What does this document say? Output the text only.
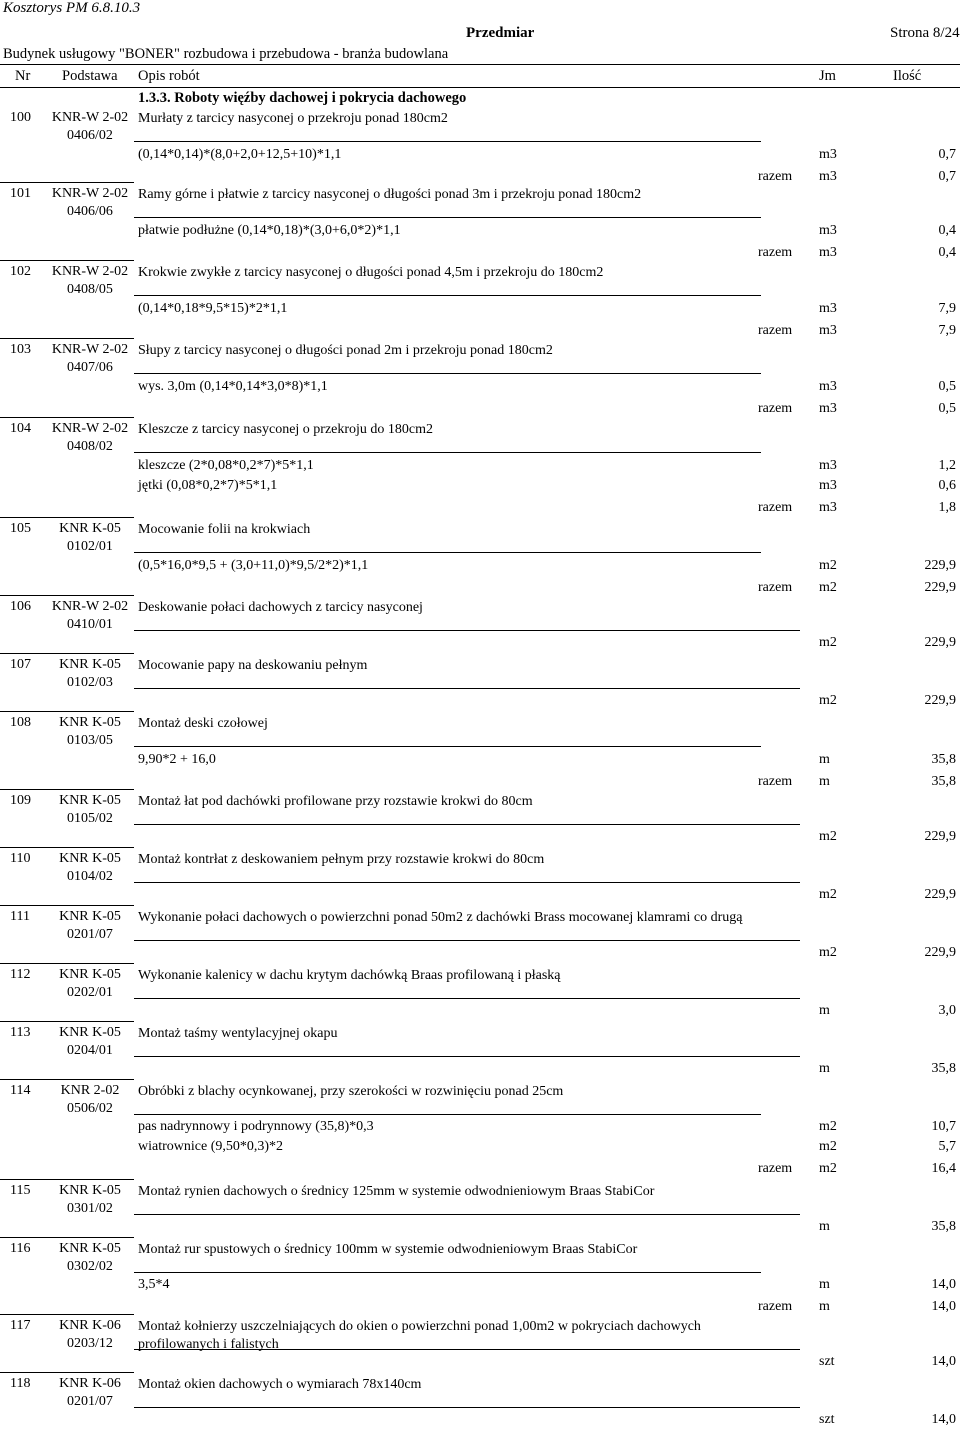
Kosztorys PM 6.8.10.3
Przedmiar	Strona 8/24
Budynek usługowy "BONER" rozbudowa i przebudowa - branża budowlana
Nr Podstawa Opis robót	Jm	Ilość
1.3.3. Roboty więźby dachowej i pokrycia dachowego
100 KNR-W 2-02
0406/02
Murłaty z tarcicy nasyconej o przekroju ponad 180cm2
(0,14*0,14)*(8,0+2,0+12,5+10)*1,1	m3	0,7
razem m3	0,7
101 KNR-W 2-02
0406/06
Ramy górne i płatwie z tarcicy nasyconej o długości ponad 3m i przekroju ponad 180cm2
płatwie podłużne (0,14*0,18)*(3,0+6,0*2)*1,1	m3	0,4
razem m3	0,4
102 KNR-W 2-02
0408/05
Krokwie zwykłe z tarcicy nasyconej o długości ponad 4,5m i przekroju do 180cm2
(0,14*0,18*9,5*15)*2*1,1	m3	7,9
razem m3	7,9
103 KNR-W 2-02
0407/06
Słupy z tarcicy nasyconej o długości ponad 2m i przekroju ponad 180cm2
wys. 3,0m (0,14*0,14*3,0*8)*1,1	m3	0,5
razem m3	0,5
104 KNR-W 2-02
0408/02
Kleszcze z tarcicy nasyconej o przekroju do 180cm2
kleszcze (2*0,08*0,2*7)*5*1,1	m3	1,2
jętki (0,08*0,2*7)*5*1,1	m3	0,6
razem m3	1,8
105	KNR K-05
0102/01
Mocowanie folii na krokwiach
(0,5*16,0*9,5 + (3,0+11,0)*9,5/2*2)*1,1	m2	229,9
razem m2	229,9
106 KNR-W 2-02
0410/01
Deskowanie połaci dachowych z tarcicy nasyconej
m2	229,9
107	KNR K-05
0102/03
Mocowanie papy na deskowaniu pełnym
m2	229,9
108	KNR K-05
0103/05
Montaż deski czołowej
9,90*2 + 16,0	m	35,8
razem m	35,8
109	KNR K-05
0105/02
Montaż łat pod dachówki profilowane przy rozstawie krokwi do 80cm
m2	229,9
110	KNR K-05
0104/02
Montaż kontrłat z deskowaniem pełnym przy rozstawie krokwi do 80cm
m2	229,9
111	KNR K-05
0201/07
Wykonanie połaci dachowych o powierzchni ponad 50m2 z dachówki Brass mocowanej klamrami co drugą
m2	229,9
112	KNR K-05
0202/01
Wykonanie kalenicy w dachu krytym dachówką Braas profilowaną i płaską
m	3,0
113	KNR K-05
0204/01
Montaż taśmy wentylacyjnej okapu
m	35,8
114	KNR 2-02
0506/02
Obróbki z blachy ocynkowanej, przy szerokości w rozwinięciu ponad 25cm
pas nadrynnowy i podrynnowy (35,8)*0,3	m2	10,7
wiatrownice (9,50*0,3)*2	m2	5,7
razem m2	16,4
115	KNR K-05
0301/02
Montaż rynien dachowych o średnicy 125mm w systemie odwodnieniowym Braas StabiCor
m	35,8
116	KNR K-05
0302/02
Montaż rur spustowych o średnicy 100mm w systemie odwodnieniowym Braas StabiCor
3,5*4	m	14,0
razem m	14,0
117	KNR K-06
0203/12
Montaż kołnierzy uszczelniających do okien o powierzchni ponad 1,00m2 w pokryciach dachowych profilowanych i falistych
szt	14,0
118	KNR K-06
0201/07
Montaż okien dachowych o wymiarach 78x140cm
szt	14,0
